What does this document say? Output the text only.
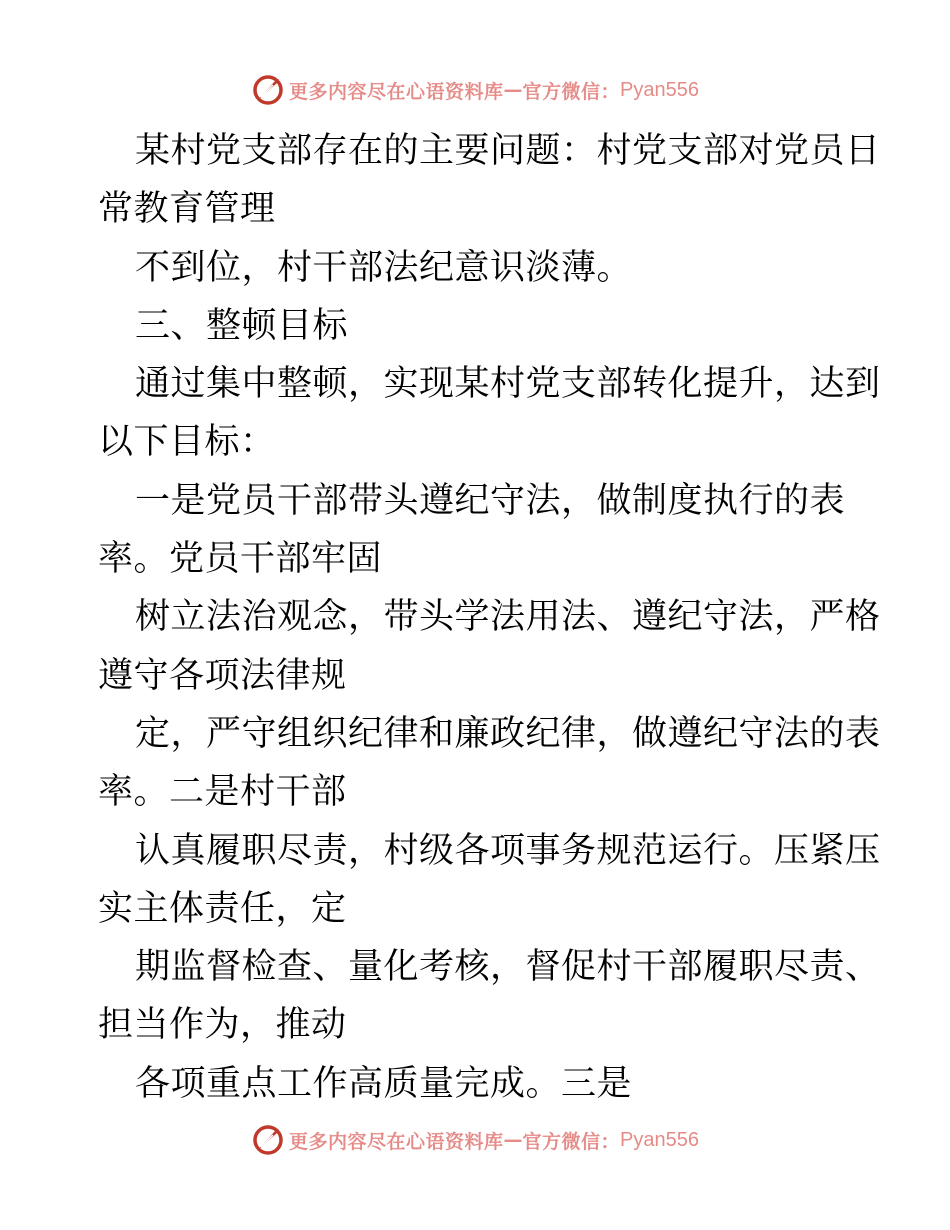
更多内容尽在心语资料库 — 官方微信： Pyan556
某村党支部存在的主要问题：村党支部对党员日
常教育管理
不到位，村干部法纪意识淡薄。
三、整顿目标
通过集中整顿，实现某村党支部转化提升，达到
以下目标：
一是党员干部带头遵纪守法，做制度执行的表
率。党员干部牢固
树立法治观念，带头学法用法、遵纪守法，严格
遵守各项法律规
定，严守组织纪律和廉政纪律，做遵纪守法的表
率。二是村干部
认真履职尽责，村级各项事务规范运行。压紧压
实主体责任，定
期监督检查、量化考核，督促村干部履职尽责、
担当作为，推动
各项重点工作高质量完成。三是
更多内容尽在心语资料库 — 官方微信： Pyan556
